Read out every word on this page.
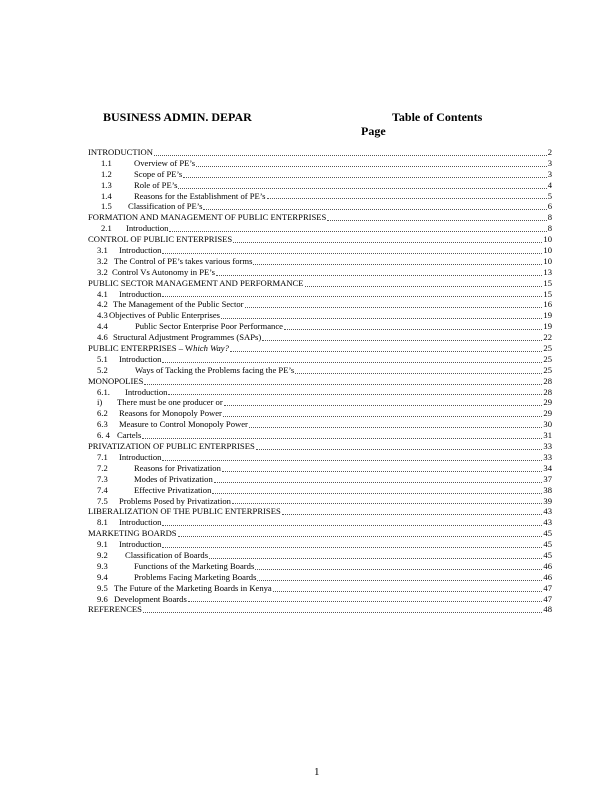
BUSINESS ADMIN. DEPAR	Table of Contents
Page
INTRODUCTION	2
1.1	Overview of PE’s	3
1.2	Scope of PE’s	3
1.3	Role of PE’s	4
1.4	Reasons for the Establishment of PE’s	5
1.5 Classification of PE’s	6
FORMATION AND MANAGEMENT OF PUBLIC ENTERPRISES	8
2.1 Introduction	8
CONTROL OF PUBLIC ENTERPRISES	10
3.1 Introduction	10
3.2 The Control of PE’s takes various forms	10
3.2 Control Vs Autonomy in PE’s	13
PUBLIC SECTOR MANAGEMENT AND PERFORMANCE	15
4.1 Introduction	15
4.2 The Management of the Public Sector	16
4.3 Objectives of Public Enterprises	19
4.4	Public Sector Enterprise Poor Performance	19
4.6 Structural Adjustment Programmes (SAPs)	22
PUBLIC ENTERPRISES – Which Way?	25
5.1 Introduction	25
5.2	Ways of Tacking the Problems facing the PE’s	25
MONOPOLIES	28
6.1. Introduction	28
i) There must be one producer or	29
6.2 Reasons for Monopoly Power	29
6.3 Measure to Control Monopoly Power	30
6. 4 Cartels	31
PRIVATIZATION OF PUBLIC ENTERPRISES	33
7.1 Introduction	33
7.2	Reasons for Privatization	34
7.3	Modes of Privatization	37
7.4	Effective Privatization	38
7.5 Problems Posed by Privatization	39
LIBERALIZATION OF THE PUBLIC ENTERPRISES	43
8.1 Introduction	43
MARKETING BOARDS	45
9.1 Introduction	45
9.2 Classification of Boards	45
9.3	Functions of the Marketing Boards	46
9.4	Problems Facing Marketing Boards	46
9.5 The Future of the Marketing Boards in Kenya	47
9.6 Development Boards	47
REFERENCES	48
1
